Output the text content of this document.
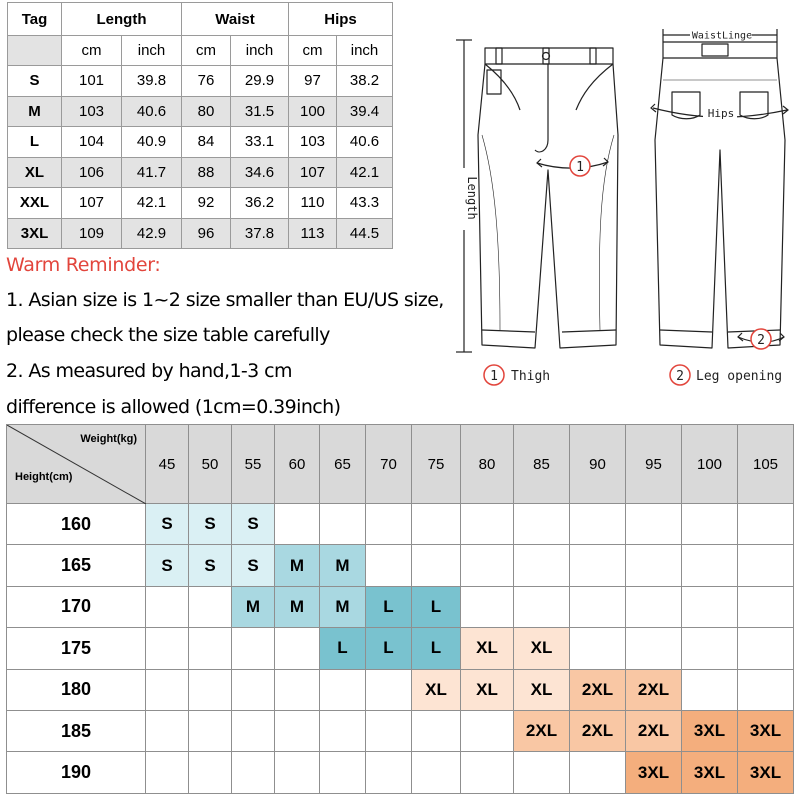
Tag	Length		Waist		Hips	
	cm	inch	cm	inch	cm	inch
S	101	39.8	76	29.9	97	38.2
M	103	40.6	80	31.5	100	39.4
L	104	40.9	84	33.1	103	40.6
XL	106	41.7	88	34.6	107	42.1
XXL	107	42.1	92	36.2	110	43.3
3XL	109	42.9	96	37.8	113	44.5
Warm Reminder:
1. Asian size is 1~2 size smaller than EU/US size,
please check the size table carefully
2. As measured by hand,1-3 cm
difference is allowed (1cm=0.39inch)
Length
WaistLinge
Hips
1
2
1 Thigh	2 Leg opening
Weight(kg)
Height(cm)	45	50	55	60	65	70	75	80	85	90	95	100	105
160	S	S	S										
165	S	S	S	M	M								
170			M	M	M	L	L						
175					L	L	L	XL	XL				
180							XL	XL	XL	2XL	2XL		
185									2XL	2XL	2XL	3XL	3XL
190											3XL	3XL	3XL
